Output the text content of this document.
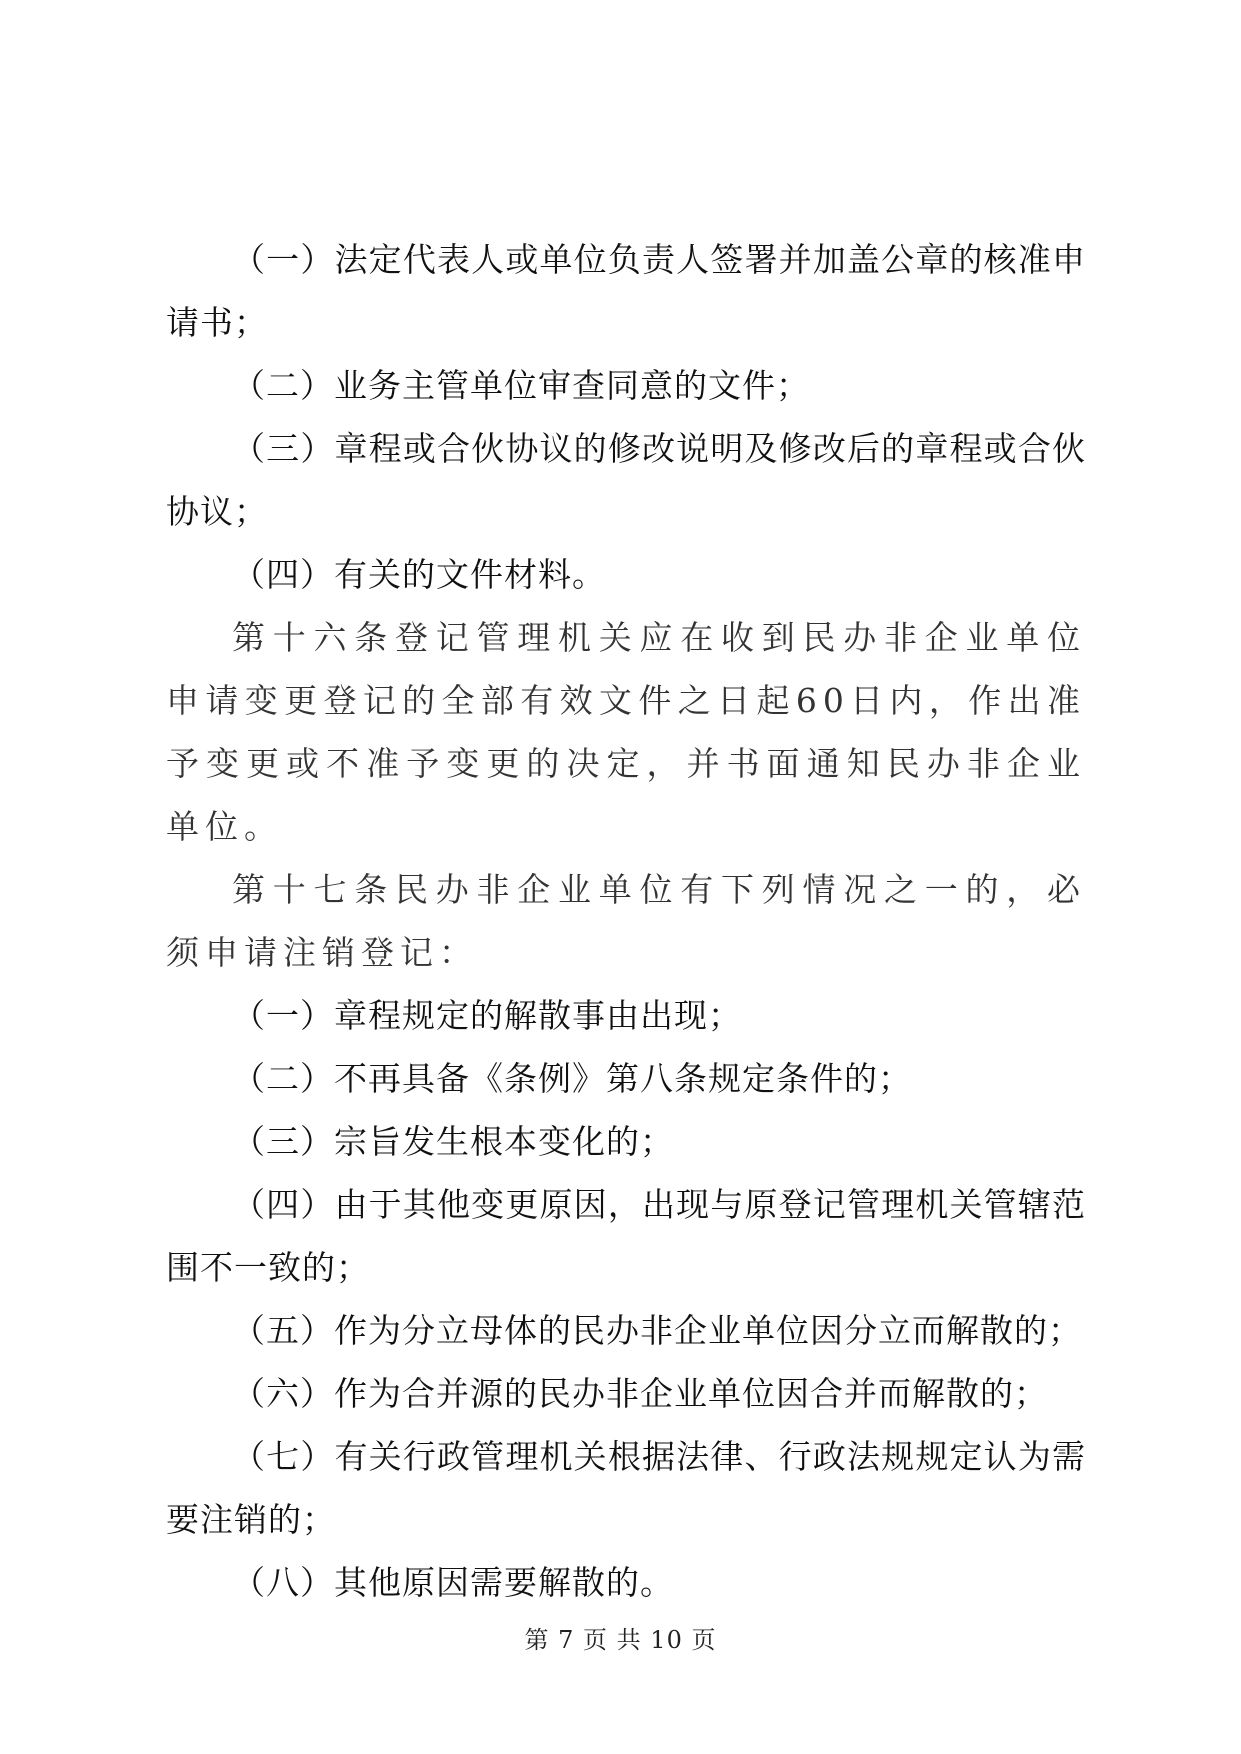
（一）法定代表人或单位负责人签署并加盖公章的核准申请书；

（二）业务主管单位审查同意的文件；

（三）章程或合伙协议的修改说明及修改后的章程或合伙协议；

（四）有关的文件材料。

第十六条登记管理机关应在收到民办非企业单位申请变更登记的全部有效文件之日起60日内，作出准予变更或不准予变更的决定，并书面通知民办非企业单位。

第十七条民办非企业单位有下列情况之一的，必须申请注销登记：

（一）章程规定的解散事由出现；

（二）不再具备《条例》第八条规定条件的；

（三）宗旨发生根本变化的；

（四）由于其他变更原因，出现与原登记管理机关管辖范围不一致的；

（五）作为分立母体的民办非企业单位因分立而解散的；

（六）作为合并源的民办非企业单位因合并而解散的；

（七）有关行政管理机关根据法律、行政法规规定认为需要注销的；

（八）其他原因需要解散的。

第 7 页 共 10 页
